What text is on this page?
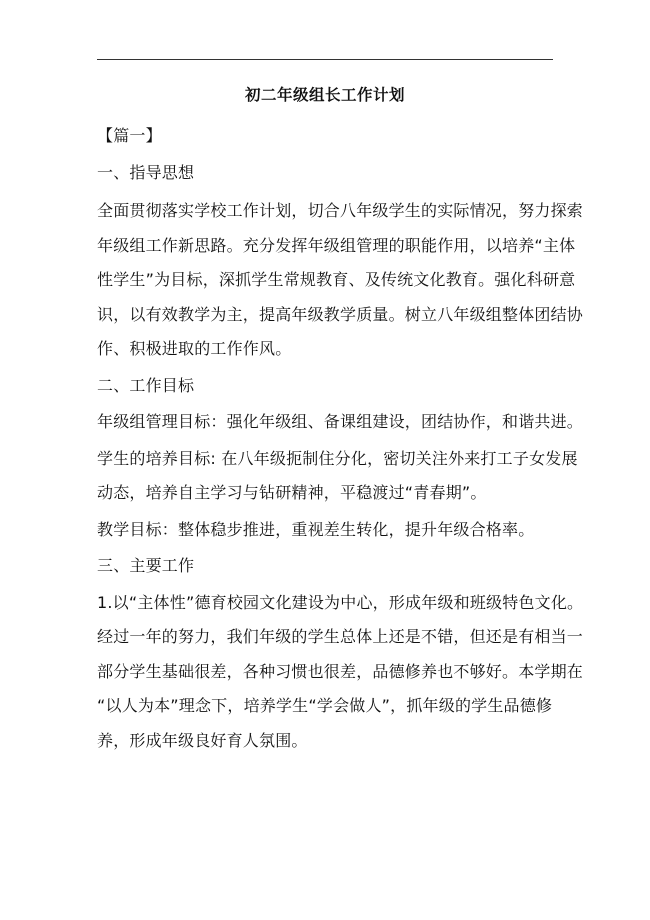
初二年级组长工作计划

【篇一】

一、指导思想

全面贯彻落实学校工作计划，切合八年级学生的实际情况，努力探索

年级组工作新思路。充分发挥年级组管理的职能作用，以培养“主体

性学生”为目标，深抓学生常规教育、及传统文化教育。强化科研意

识，以有效教学为主，提高年级教学质量。树立八年级组整体团结协

作、积极进取的工作作风。

二、工作目标

年级组管理目标：强化年级组、备课组建设，团结协作，和谐共进。

学生的培养目标: 在八年级扼制住分化，密切关注外来打工子女发展

动态，培养自主学习与钻研精神，平稳渡过“青春期”。

教学目标：整体稳步推进，重视差生转化，提升年级合格率。

三、主要工作

1.以“主体性”德育校园文化建设为中心，形成年级和班级特色文化。

经过一年的努力，我们年级的学生总体上还是不错，但还是有相当一

部分学生基础很差，各种习惯也很差，品德修养也不够好。本学期在

“以人为本”理念下，培养学生“学会做人”，抓年级的学生品德修

养，形成年级良好育人氛围。
